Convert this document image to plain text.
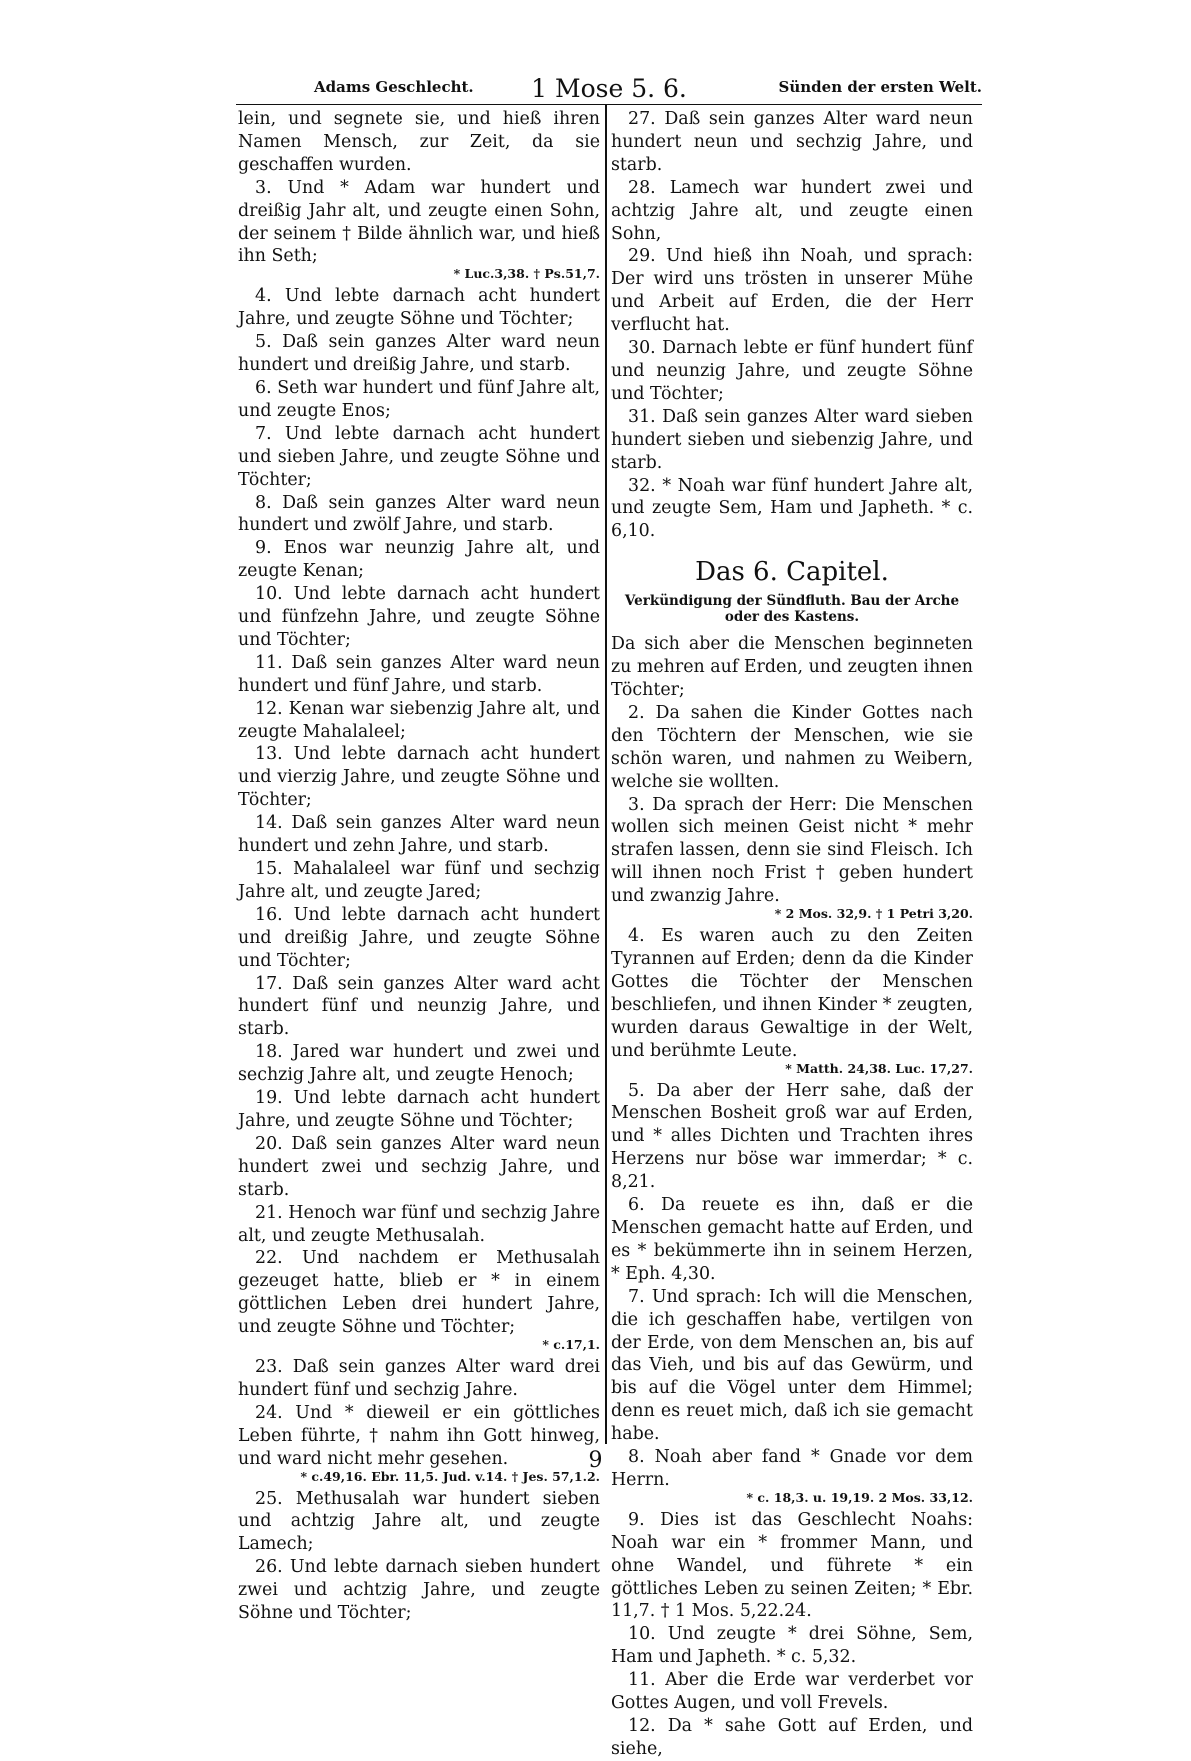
Adams Geschlecht.	1 Mose 5. 6.	Sünden der ersten Welt.

lein, und segnete sie, und hieß ihren Namen Mensch, zur Zeit, da sie geschaffen wurden.

3. Und * Adam war hundert und dreißig Jahr alt, und zeugte einen Sohn, der seinem † Bilde ähnlich war, und hieß ihn Seth;

* Luc.3,38. † Ps.51,7.

4. Und lebte darnach acht hundert Jahre, und zeugte Söhne und Töchter;

5. Daß sein ganzes Alter ward neun hundert und dreißig Jahre, und starb.

6. Seth war hundert und fünf Jahre alt, und zeugte Enos;

7. Und lebte darnach acht hundert und sieben Jahre, und zeugte Söhne und Töchter;

8. Daß sein ganzes Alter ward neun hundert und zwölf Jahre, und starb.

9. Enos war neunzig Jahre alt, und zeugte Kenan;

10. Und lebte darnach acht hundert und fünfzehn Jahre, und zeugte Söhne und Töchter;

11. Daß sein ganzes Alter ward neun hundert und fünf Jahre, und starb.

12. Kenan war siebenzig Jahre alt, und zeugte Mahalaleel;

13. Und lebte darnach acht hundert und vierzig Jahre, und zeugte Söhne und Töchter;

14. Daß sein ganzes Alter ward neun hundert und zehn Jahre, und starb.

15. Mahalaleel war fünf und sechzig Jahre alt, und zeugte Jared;

16. Und lebte darnach acht hundert und dreißig Jahre, und zeugte Söhne und Töchter;

17. Daß sein ganzes Alter ward acht hundert fünf und neunzig Jahre, und starb.

18. Jared war hundert und zwei und sechzig Jahre alt, und zeugte Henoch;

19. Und lebte darnach acht hundert Jahre, und zeugte Söhne und Töchter;

20. Daß sein ganzes Alter ward neun hundert zwei und sechzig Jahre, und starb.

21. Henoch war fünf und sechzig Jahre alt, und zeugte Methusalah.

22. Und nachdem er Methusalah gezeuget hatte, blieb er * in einem göttlichen Leben drei hundert Jahre, und zeugte Söhne und Töchter;

* c.17,1.

23. Daß sein ganzes Alter ward drei hundert fünf und sechzig Jahre.

24. Und * dieweil er ein göttliches Leben führte, † nahm ihn Gott hinweg, und ward nicht mehr gesehen.

* c.49,16. Ebr. 11,5. Jud. v.14. † Jes. 57,1.2.

25. Methusalah war hundert sieben und achtzig Jahre alt, und zeugte Lamech;

26. Und lebte darnach sieben hundert zwei und achtzig Jahre, und zeugte Söhne und Töchter;

27. Daß sein ganzes Alter ward neun hundert neun und sechzig Jahre, und starb.

28. Lamech war hundert zwei und achtzig Jahre alt, und zeugte einen Sohn,

29. Und hieß ihn Noah, und sprach: Der wird uns trösten in unserer Mühe und Arbeit auf Erden, die der Herr verflucht hat.

30. Darnach lebte er fünf hundert fünf und neunzig Jahre, und zeugte Söhne und Töchter;

31. Daß sein ganzes Alter ward sieben hundert sieben und siebenzig Jahre, und starb.

32. * Noah war fünf hundert Jahre alt, und zeugte Sem, Ham und Japheth. * c. 6,10.

Das 6. Capitel.
Verkündigung der Sündfluth. Bau der Arche oder des Kastens.

Da sich aber die Menschen beginneten zu mehren auf Erden, und zeugten ihnen Töchter;

2. Da sahen die Kinder Gottes nach den Töchtern der Menschen, wie sie schön waren, und nahmen zu Weibern, welche sie wollten.

3. Da sprach der Herr: Die Menschen wollen sich meinen Geist nicht * mehr strafen lassen, denn sie sind Fleisch. Ich will ihnen noch Frist † geben hundert und zwanzig Jahre.

* 2 Mos. 32,9. † 1 Petri 3,20.

4. Es waren auch zu den Zeiten Tyrannen auf Erden; denn da die Kinder Gottes die Töchter der Menschen beschliefen, und ihnen Kinder * zeugten, wurden daraus Gewaltige in der Welt, und berühmte Leute.

* Matth. 24,38. Luc. 17,27.

5. Da aber der Herr sahe, daß der Menschen Bosheit groß war auf Erden, und * alles Dichten und Trachten ihres Herzens nur böse war immerdar; * c. 8,21.

6. Da reuete es ihn, daß er die Menschen gemacht hatte auf Erden, und es * bekümmerte ihn in seinem Herzen, * Eph. 4,30.

7. Und sprach: Ich will die Menschen, die ich geschaffen habe, vertilgen von der Erde, von dem Menschen an, bis auf das Vieh, und bis auf das Gewürm, und bis auf die Vögel unter dem Himmel; denn es reuet mich, daß ich sie gemacht habe.

8. Noah aber fand * Gnade vor dem Herrn.

* c. 18,3. u. 19,19. 2 Mos. 33,12.

9. Dies ist das Geschlecht Noahs: Noah war ein * frommer Mann, und ohne Wandel, und führete * ein göttliches Leben zu seinen Zeiten; * Ebr. 11,7. † 1 Mos. 5,22.24.

10. Und zeugte * drei Söhne, Sem, Ham und Japheth. * c. 5,32.

11. Aber die Erde war verderbet vor Gottes Augen, und voll Frevels.

12. Da * sahe Gott auf Erden, und siehe,

9
